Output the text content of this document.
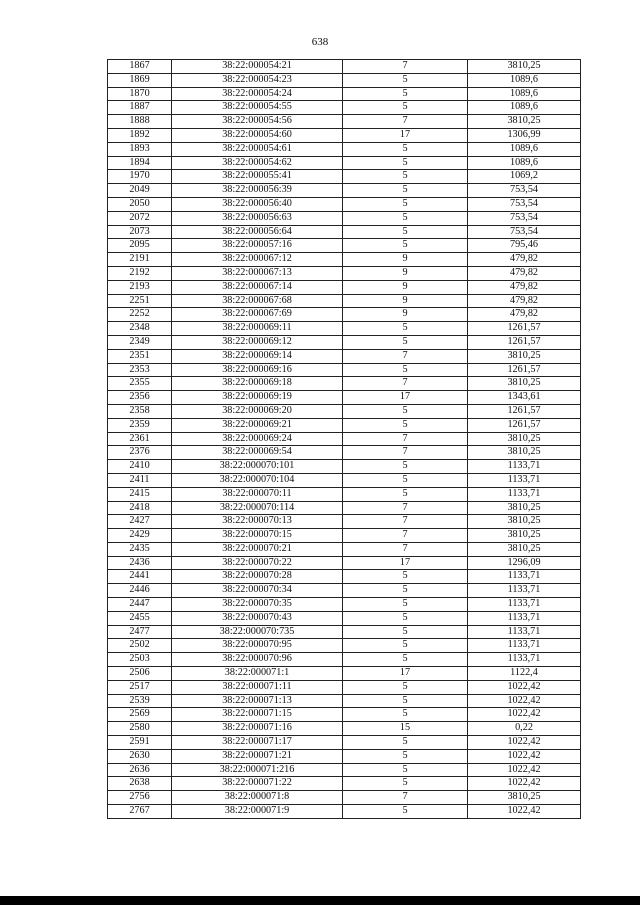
638
1867	38:22:000054:21	7	3810,25
1869	38:22:000054:23	5	1089,6
1870	38:22:000054:24	5	1089,6
1887	38:22:000054:55	5	1089,6
1888	38:22:000054:56	7	3810,25
1892	38:22:000054:60	17	1306,99
1893	38:22:000054:61	5	1089,6
1894	38:22:000054:62	5	1089,6
1970	38:22:000055:41	5	1069,2
2049	38:22:000056:39	5	753,54
2050	38:22:000056:40	5	753,54
2072	38:22:000056:63	5	753,54
2073	38:22:000056:64	5	753,54
2095	38:22:000057:16	5	795,46
2191	38:22:000067:12	9	479,82
2192	38:22:000067:13	9	479,82
2193	38:22:000067:14	9	479,82
2251	38:22:000067:68	9	479,82
2252	38:22:000067:69	9	479,82
2348	38:22:000069:11	5	1261,57
2349	38:22:000069:12	5	1261,57
2351	38:22:000069:14	7	3810,25
2353	38:22:000069:16	5	1261,57
2355	38:22:000069:18	7	3810,25
2356	38:22:000069:19	17	1343,61
2358	38:22:000069:20	5	1261,57
2359	38:22:000069:21	5	1261,57
2361	38:22:000069:24	7	3810,25
2376	38:22:000069:54	7	3810,25
2410	38:22:000070:101	5	1133,71
2411	38:22:000070:104	5	1133,71
2415	38:22:000070:11	5	1133,71
2418	38:22:000070:114	7	3810,25
2427	38:22:000070:13	7	3810,25
2429	38:22:000070:15	7	3810,25
2435	38:22:000070:21	7	3810,25
2436	38:22:000070:22	17	1296,09
2441	38:22:000070:28	5	1133,71
2446	38:22:000070:34	5	1133,71
2447	38:22:000070:35	5	1133,71
2455	38:22:000070:43	5	1133,71
2477	38:22:000070:735	5	1133,71
2502	38:22:000070:95	5	1133,71
2503	38:22:000070:96	5	1133,71
2506	38:22:000071:1	17	1122,4
2517	38:22:000071:11	5	1022,42
2539	38:22:000071:13	5	1022,42
2569	38:22:000071:15	5	1022,42
2580	38:22:000071:16	15	0,22
2591	38:22:000071:17	5	1022,42
2630	38:22:000071:21	5	1022,42
2636	38:22:000071:216	5	1022,42
2638	38:22:000071:22	5	1022,42
2756	38:22:000071:8	7	3810,25
2767	38:22:000071:9	5	1022,42
